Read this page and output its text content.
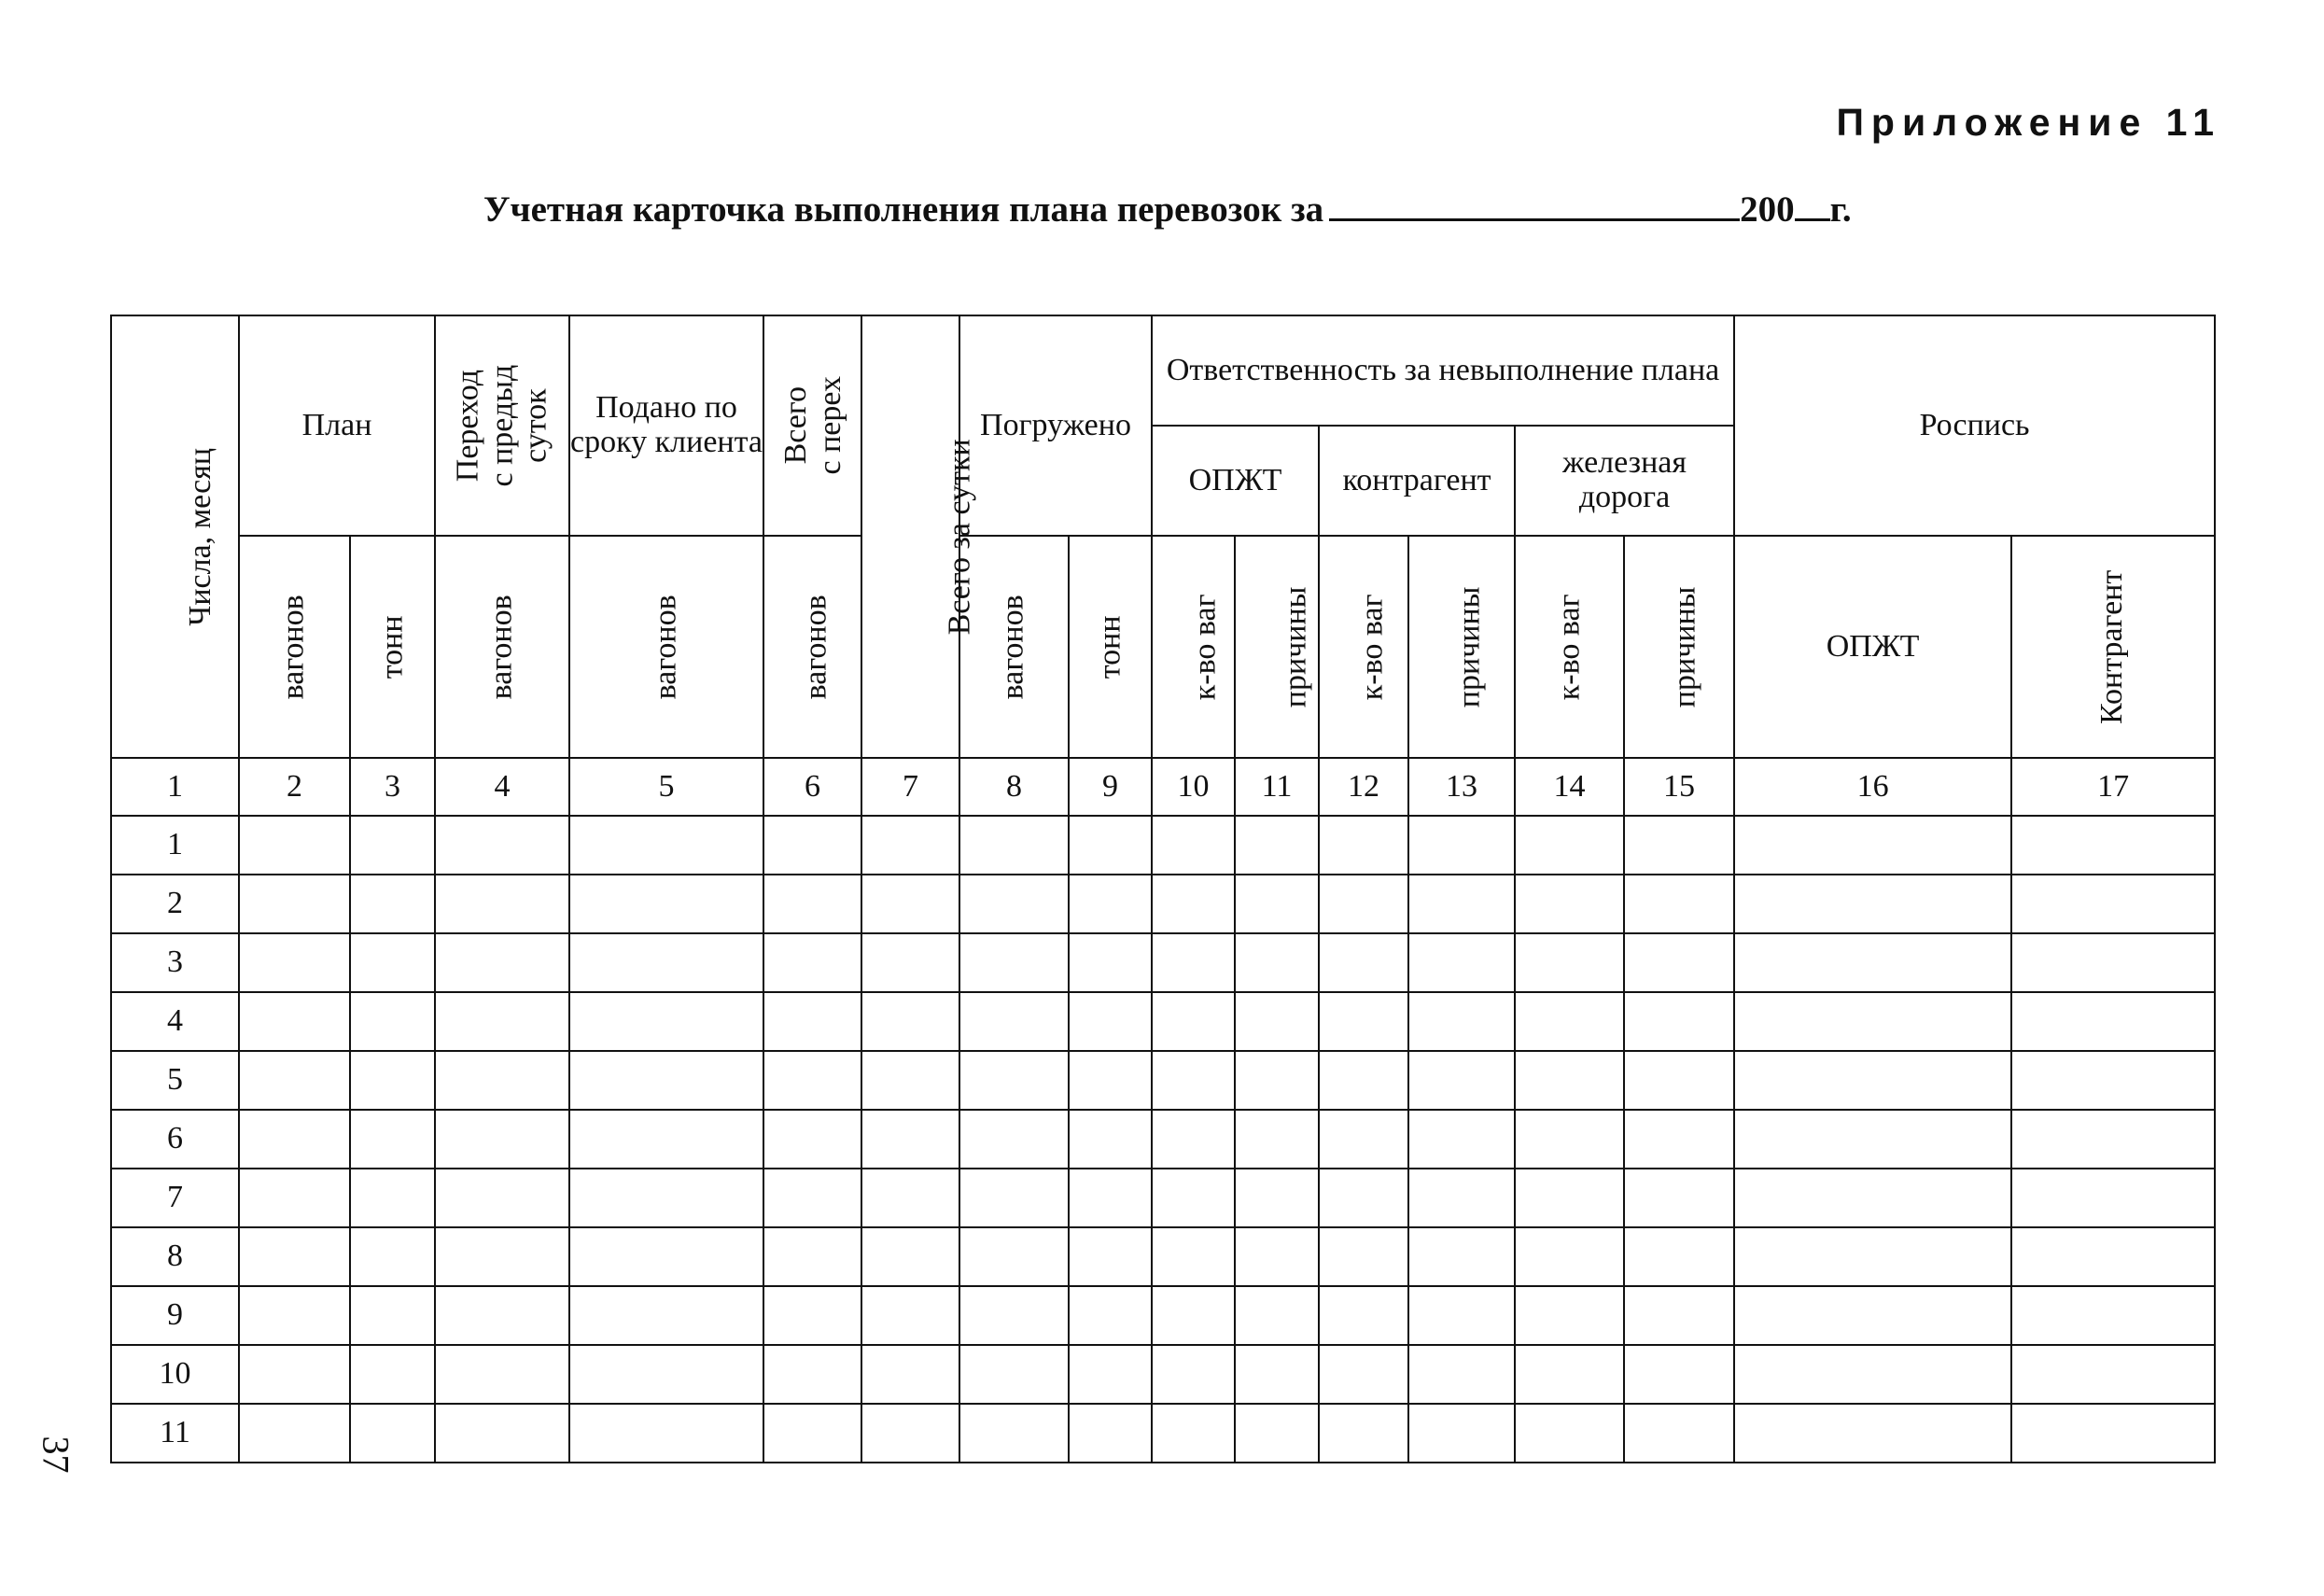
Приложение 11
Учетная карточка выполнения плана перевозок за	200 г.
37
Числа, месяц	План		Переход
с предыд
суток	Подано по сроку клиента	Всего
с перех	Всего за сутки	Погружено		Ответственность за невыполнение плана						Роспись	
									ОПЖТ		контрагент		железная дорога			
	вагонов	тонн	вагонов	вагонов	вагонов		вагонов	тонн	к-во ваг	причины	к-во ваг	причины	к-во ваг	причины	ОПЖТ	Контрагент
1	2	3	4	5	6	7	8	9	10	11	12	13	14	15	16	17
1																
2																
3																
4																
5																
6																
7																
8																
9																
10																
11																
